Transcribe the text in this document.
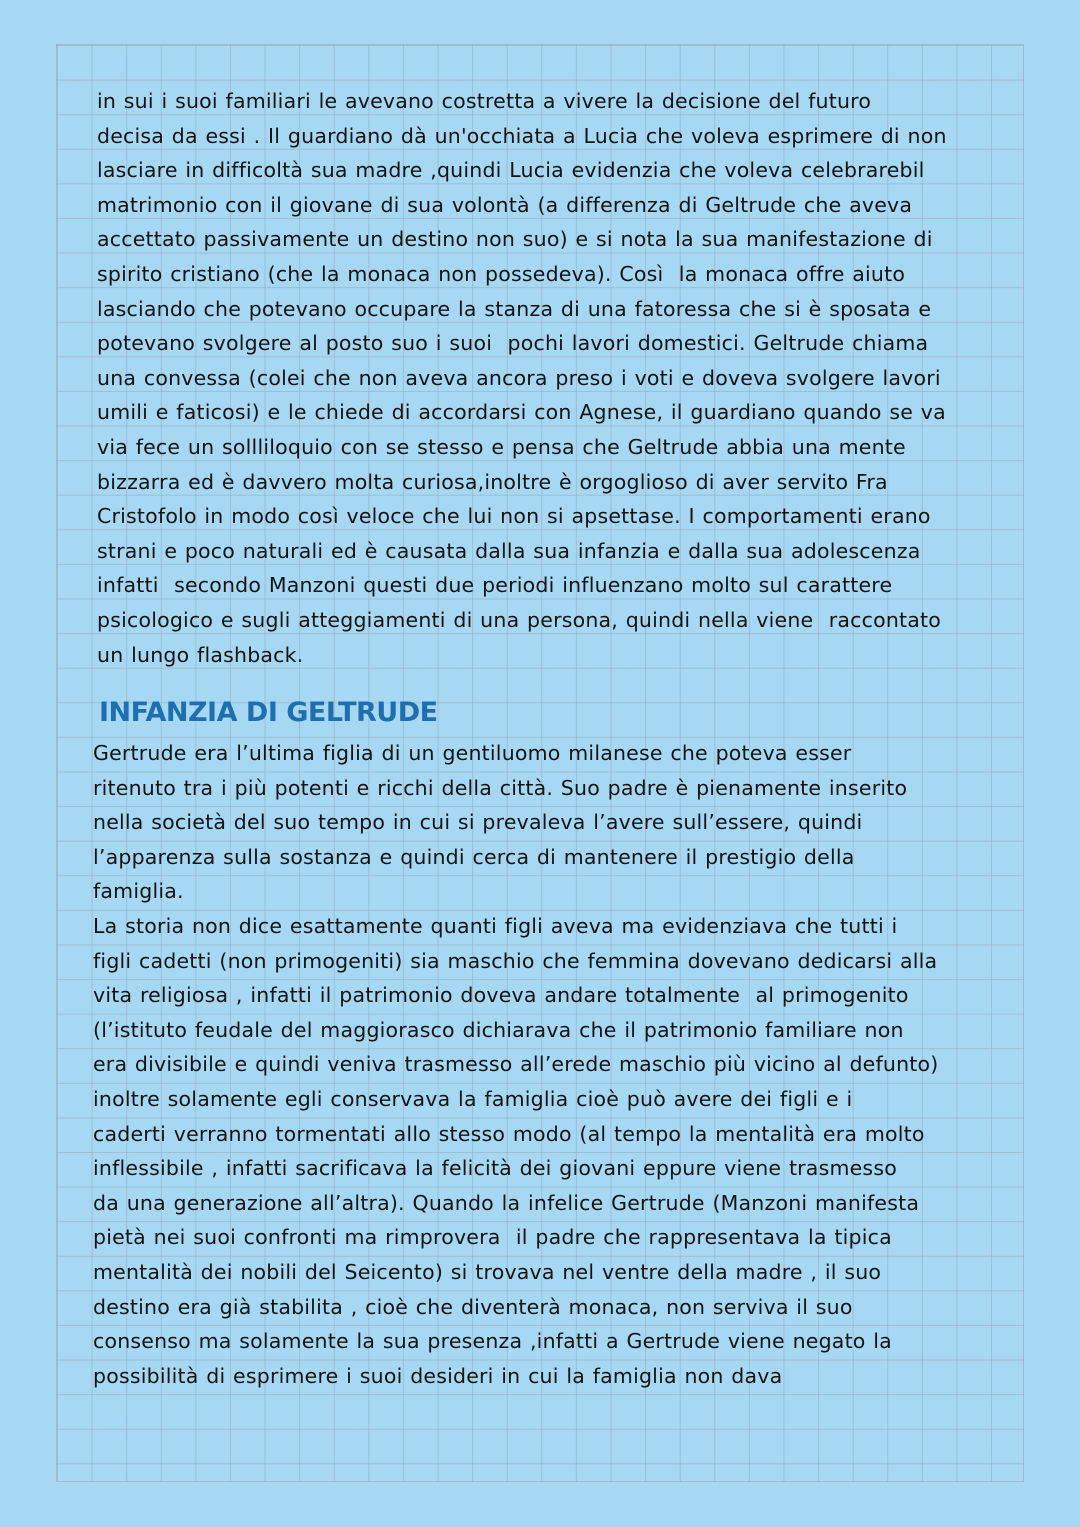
in sui i suoi familiari le avevano costretta a vivere la decisione del futuro
decisa da essi . Il guardiano dà un'occhiata a Lucia che voleva esprimere di non
lasciare in difficoltà sua madre ,quindi Lucia evidenzia che voleva celebrarebil
matrimonio con il giovane di sua volontà (a differenza di Geltrude che aveva
accettato passivamente un destino non suo) e si nota la sua manifestazione di
spirito cristiano (che la monaca non possedeva). Così  la monaca offre aiuto
lasciando che potevano occupare la stanza di una fatoressa che si è sposata e
potevano svolgere al posto suo i suoi  pochi lavori domestici. Geltrude chiama
una convessa (colei che non aveva ancora preso i voti e doveva svolgere lavori
umili e faticosi) e le chiede di accordarsi con Agnese, il guardiano quando se va
via fece un sollliloquio con se stesso e pensa che Geltrude abbia una mente
bizzarra ed è davvero molta curiosa,inoltre è orgoglioso di aver servito Fra
Cristofolo in modo così veloce che lui non si apsettase. I comportamenti erano
strani e poco naturali ed è causata dalla sua infanzia e dalla sua adolescenza
infatti  secondo Manzoni questi due periodi influenzano molto sul carattere
psicologico e sugli atteggiamenti di una persona, quindi nella viene  raccontato
un lungo flashback.
INFANZIA DI GELTRUDE
Gertrude era l’ultima figlia di un gentiluomo milanese che poteva esser
ritenuto tra i più potenti e ricchi della città. Suo padre è pienamente inserito
nella società del suo tempo in cui si prevaleva l’avere sull’essere, quindi
l’apparenza sulla sostanza e quindi cerca di mantenere il prestigio della
famiglia.
La storia non dice esattamente quanti figli aveva ma evidenziava che tutti i
figli cadetti (non primogeniti) sia maschio che femmina dovevano dedicarsi alla
vita religiosa , infatti il patrimonio doveva andare totalmente  al primogenito
(l’istituto feudale del maggiorasco dichiarava che il patrimonio familiare non
era divisibile e quindi veniva trasmesso all’erede maschio più vicino al defunto)
inoltre solamente egli conservava la famiglia cioè può avere dei figli e i
caderti verranno tormentati allo stesso modo (al tempo la mentalità era molto
inflessibile , infatti sacrificava la felicità dei giovani eppure viene trasmesso
da una generazione all’altra). Quando la infelice Gertrude (Manzoni manifesta
pietà nei suoi confronti ma rimprovera  il padre che rappresentava la tipica
mentalità dei nobili del Seicento) si trovava nel ventre della madre , il suo
destino era già stabilita , cioè che diventerà monaca, non serviva il suo
consenso ma solamente la sua presenza ,infatti a Gertrude viene negato la
possibilità di esprimere i suoi desideri in cui la famiglia non dava
